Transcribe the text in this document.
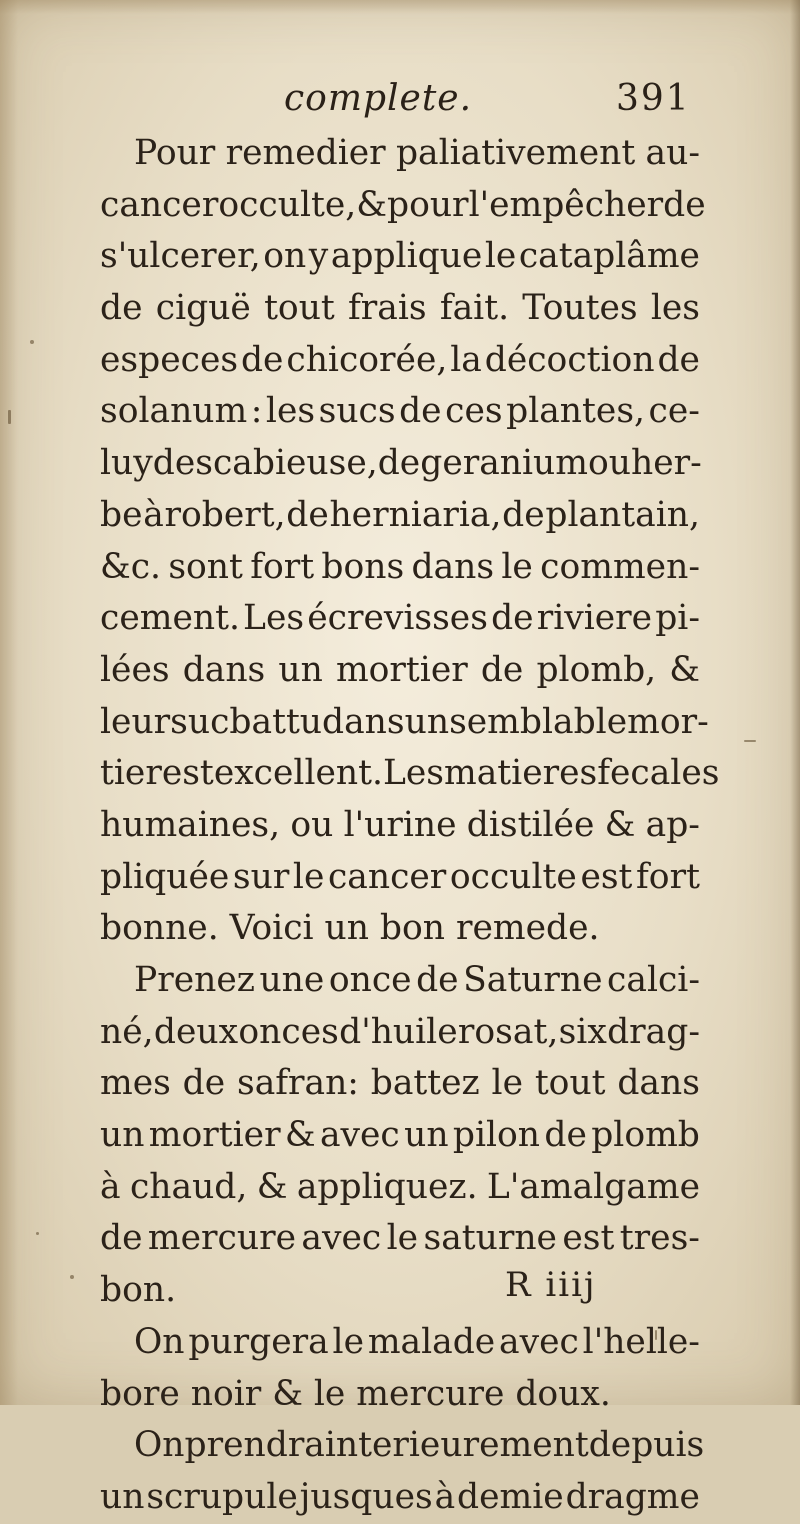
complete.	391
Pour remedier paliativement au-
cancer occulte,& pour l'empêcher de
s'ulcerer, on y applique le cataplâme
de ciguë tout frais fait. Toutes les
especes de chicorée, la décoction de
solanum : les sucs de ces plantes, ce-
luy de scabieuse, de geranium ou her-
be à robert, de herniaria, de plantain,
&c. sont fort bons dans le commen-
cement. Les écrevisses de riviere pi-
lées dans un mortier de plomb, &
leur suc battu dans un semblable mor-
tier est excellent. Les matieres fecales
humaines, ou l'urine distilée & ap-
pliquée sur le cancer occulte est fort
bonne. Voici un bon remede.
Prenez une once de Saturne calci-
né, deux onces d'huile rosat, six drag-
mes de safran: battez le tout dans
un mortier & avec un pilon de plomb
à chaud, & appliquez. L'amalgame
de mercure avec le saturne est tres-
bon.
On purgera le malade avec l'helle-
bore noir & le mercure doux.
On prendra interieurement depuis
un scrupule jusques à demie dragme
R iiij
